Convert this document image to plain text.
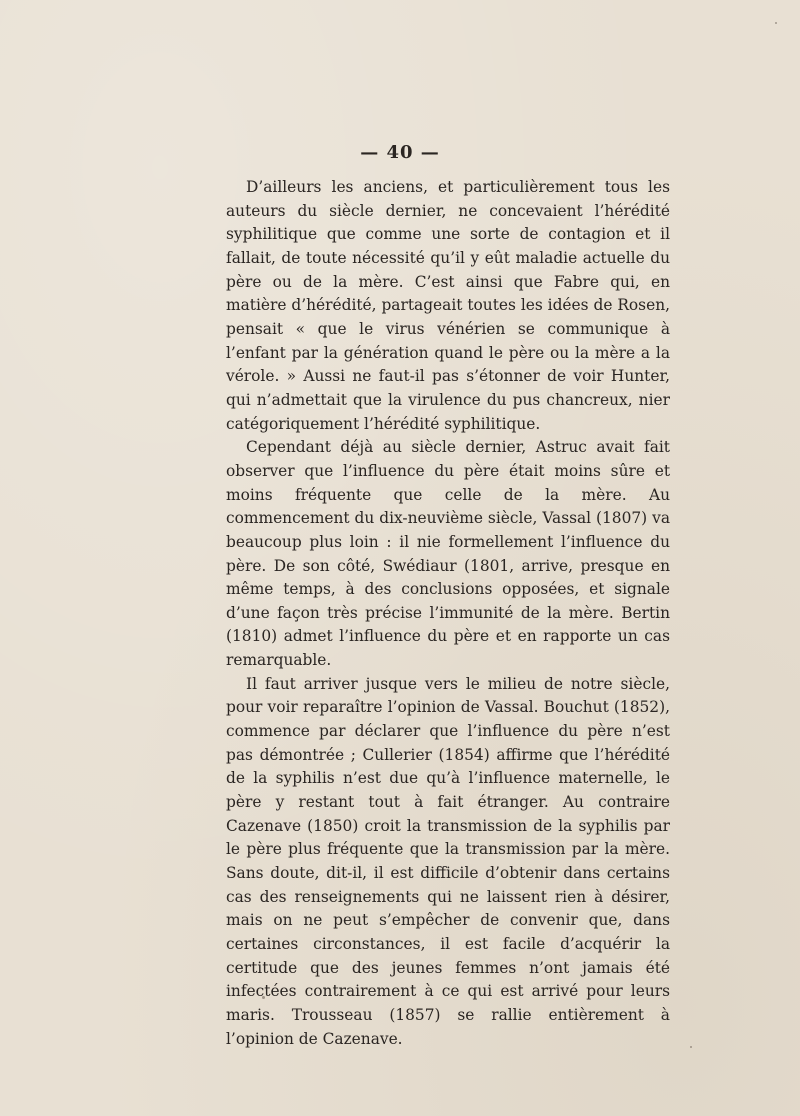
— 40 —

D’ailleurs les anciens, et particulièrement tous les auteurs du siècle dernier, ne concevaient l’hérédité syphilitique que comme une sorte de contagion et il fallait, de toute nécessité qu’il y eût maladie actuelle du père ou de la mère. C’est ainsi que Fabre qui, en matière d’hérédité, partageait toutes les idées de Rosen, pensait « que le virus vénérien se communique à l’enfant par la génération quand le père ou la mère a la vérole. » Aussi ne faut-il pas s’étonner de voir Hunter, qui n’admettait que la virulence du pus chancreux, nier catégoriquement l’hérédité syphilitique.

Cependant déjà au siècle dernier, Astruc avait fait observer que l’influence du père était moins sûre et moins fréquente que celle de la mère. Au commencement du dix-neuvième siècle, Vassal (1807) va beaucoup plus loin : il nie formellement l’influence du père. De son côté, Swédiaur (1801, arrive, presque en même temps, à des conclusions opposées, et signale d’une façon très précise l’immunité de la mère. Bertin (1810) admet l’influence du père et en rapporte un cas remarquable.

Il faut arriver jusque vers le milieu de notre siècle, pour voir reparaître l’opinion de Vassal. Bouchut (1852), commence par déclarer que l’influence du père n’est pas démontrée ; Cullerier (1854) affirme que l’hérédité de la syphilis n’est due qu’à l’influence maternelle, le père y restant tout à fait étranger. Au contraire Cazenave (1850) croit la transmission de la syphilis par le père plus fréquente que la transmission par la mère. Sans doute, dit-il, il est difficile d’obtenir dans certains cas des renseignements qui ne laissent rien à désirer, mais on ne peut s’empêcher de convenir que, dans certaines circonstances, il est facile d’acquérir la certitude que des jeunes femmes n’ont jamais été infectées contrairement à ce qui est arrivé pour leurs maris. Trousseau (1857) se rallie entièrement à l’opinion de Cazenave.
